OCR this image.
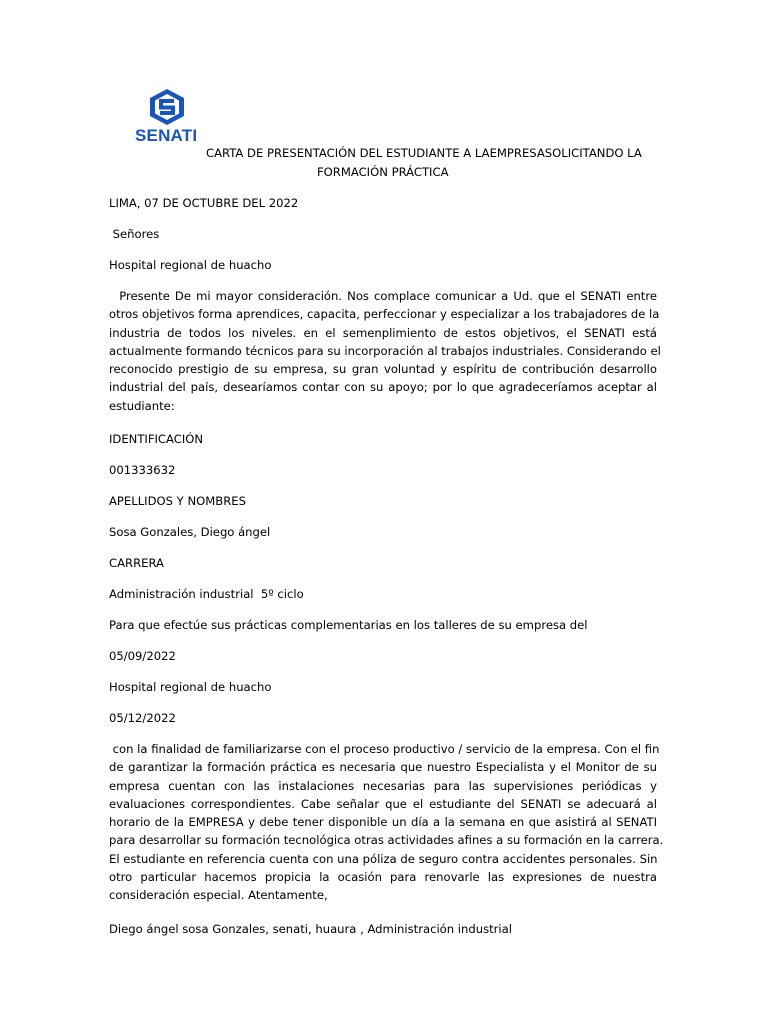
SENATI
CARTA DE PRESENTACIÓN DEL ESTUDIANTE A LAEMPRESASOLICITANDO LA
FORMACIÓN PRÁCTICA
LIMA, 07 DE OCTUBRE DEL 2022
Señores
Hospital regional de huacho
Presente De mi mayor consideración. Nos complace comunicar a Ud. que el SENATI entre
otros objetivos forma aprendices, capacita, perfeccionar y especializar a los trabajadores de la
industria de todos los niveles. en el semenplimiento de estos objetivos, el SENATI está
actualmente formando técnicos para su incorporación al trabajos industriales. Considerando el
reconocido prestigio de su empresa, su gran voluntad y espíritu de contribución desarrollo
industrial del país, desearíamos contar con su apoyo; por lo que agradeceríamos aceptar al
estudiante:
IDENTIFICACIÓN
001333632
APELLIDOS Y NOMBRES
Sosa Gonzales, Diego ángel
CARRERA
Administración industrial  5º ciclo
Para que efectúe sus prácticas complementarias en los talleres de su empresa del
05/09/2022
Hospital regional de huacho
05/12/2022
con la finalidad de familiarizarse con el proceso productivo / servicio de la empresa. Con el fin
de garantizar la formación práctica es necesaria que nuestro Especialista y el Monitor de su
empresa cuentan con las instalaciones necesarias para las supervisiones periódicas y
evaluaciones correspondientes. Cabe señalar que el estudiante del SENATI se adecuará al
horario de la EMPRESA y debe tener disponible un día a la semana en que asistirá al SENATI
para desarrollar su formación tecnológica otras actividades afines a su formación en la carrera.
El estudiante en referencia cuenta con una póliza de seguro contra accidentes personales. Sin
otro particular hacemos propicia la ocasión para renovarle las expresiones de nuestra
consideración especial. Atentamente,
Diego ángel sosa Gonzales, senati, huaura , Administración industrial
